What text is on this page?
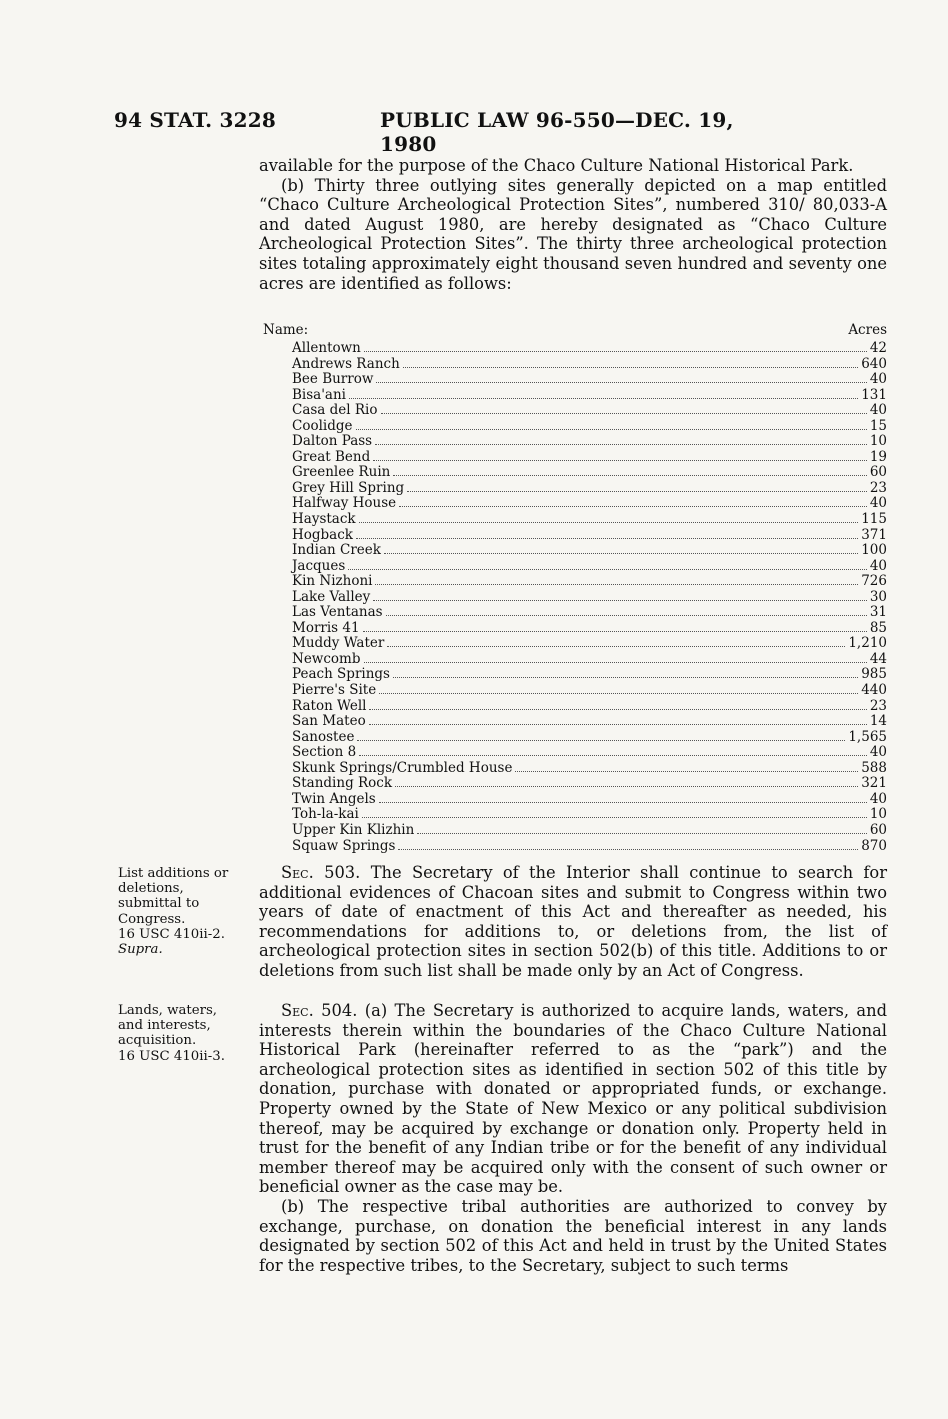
94 STAT. 3228	PUBLIC LAW 96-550—DEC. 19, 1980

available for the purpose of the Chaco Culture National Historical Park.

(b) Thirty three outlying sites generally depicted on a map entitled “Chaco Culture Archeological Protection Sites”, numbered 310/ 80,033-A and dated August 1980, are hereby designated as “Chaco Culture Archeological Protection Sites”. The thirty three archeological protection sites totaling approximately eight thousand seven hundred and seventy one acres are identified as follows:

Name:	Acres
Allentown	42
Andrews Ranch	640
Bee Burrow	40
Bisa'ani	131
Casa del Rio	40
Coolidge	15
Dalton Pass	10
Great Bend	19
Greenlee Ruin	60
Grey Hill Spring	23
Halfway House	40
Haystack	115
Hogback	371
Indian Creek	100
Jacques	40
Kin Nizhoni	726
Lake Valley	30
Las Ventanas	31
Morris 41	85
Muddy Water	1,210
Newcomb	44
Peach Springs	985
Pierre's Site	440
Raton Well	23
San Mateo	14
Sanostee	1,565
Section 8	40
Skunk Springs/Crumbled House	588
Standing Rock	321
Twin Angels	40
Toh-la-kai	10
Upper Kin Klizhin	60
Squaw Springs	870

List additions or

deletions,

submittal to

Congress.

16 USC 410ii-2.

Supra.

Sec. 503. The Secretary of the Interior shall continue to search for additional evidences of Chacoan sites and submit to Congress within two years of date of enactment of this Act and thereafter as needed, his recommendations for additions to, or deletions from, the list of archeological protection sites in section 502(b) of this title. Additions to or deletions from such list shall be made only by an Act of Congress.

Lands, waters,

and interests,

acquisition.

16 USC 410ii-3.

Sec. 504. (a) The Secretary is authorized to acquire lands, waters, and interests therein within the boundaries of the Chaco Culture National Historical Park (hereinafter referred to as the “park”) and the archeological protection sites as identified in section 502 of this title by donation, purchase with donated or appropriated funds, or exchange. Property owned by the State of New Mexico or any political subdivision thereof, may be acquired by exchange or donation only. Property held in trust for the benefit of any Indian tribe or for the benefit of any individual member thereof may be acquired only with the consent of such owner or beneficial owner as the case may be.

(b) The respective tribal authorities are authorized to convey by exchange, purchase, on donation the beneficial interest in any lands designated by section 502 of this Act and held in trust by the United States for the respective tribes, to the Secretary, subject to such terms
